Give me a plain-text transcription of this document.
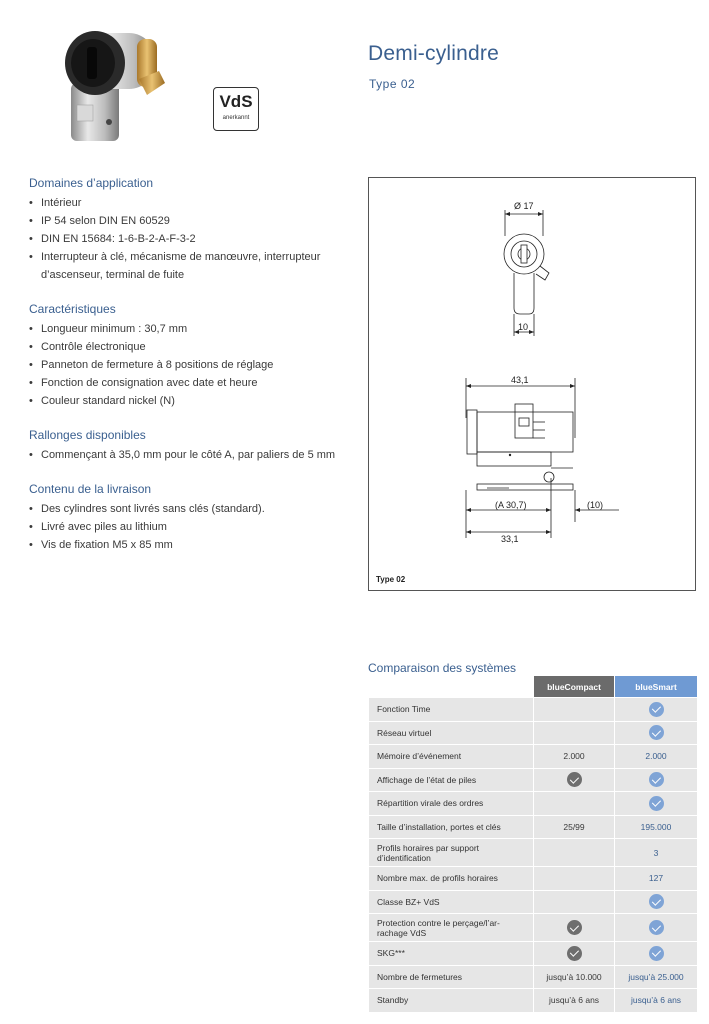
VdS
anerkannt
Demi-cylindre
Type 02
Domaines d’application
• Intérieur
• IP 54 selon DIN EN 60529
• DIN EN 15684: 1-6-B-2-A-F-3-2
• Interrupteur à clé, mécanisme de manœuvre, interrupteur d’ascenseur, terminal de fuite
Caractéristiques
• Longueur minimum : 30,7 mm
• Contrôle électronique
• Panneton de fermeture à 8 positions de réglage
• Fonction de consignation avec date et heure
• Couleur standard nickel (N)
Rallonges disponibles
• Commençant à 35,0 mm pour le côté A, par paliers de 5 mm
Contenu de la livraison
• Des cylindres sont livrés sans clés (standard).
• Livré avec piles au lithium
• Vis de fixation M5 x 85 mm
Ø 17
10
43,1
(A 30,7)	(10)
33,1
Type 02
Comparaison des systèmes
	blueCompact	blueSmart
Fonction Time		
Réseau virtuel		
Mémoire d’événement	2.000	2.000
Affichage de l’état de piles		
Répartition virale des ordres		
Taille d’installation, portes et clés	25/99	195.000
Profils horaires par support d’identification		3
Nombre max. de profils horaires		127
Classe BZ+ VdS		
Protection contre le perçage/l’ar-rachage VdS		
SKG***		
Nombre de fermetures	jusqu’à 10.000	jusqu’à 25.000
Standby	jusqu’à 6 ans	jusqu’à 6 ans
